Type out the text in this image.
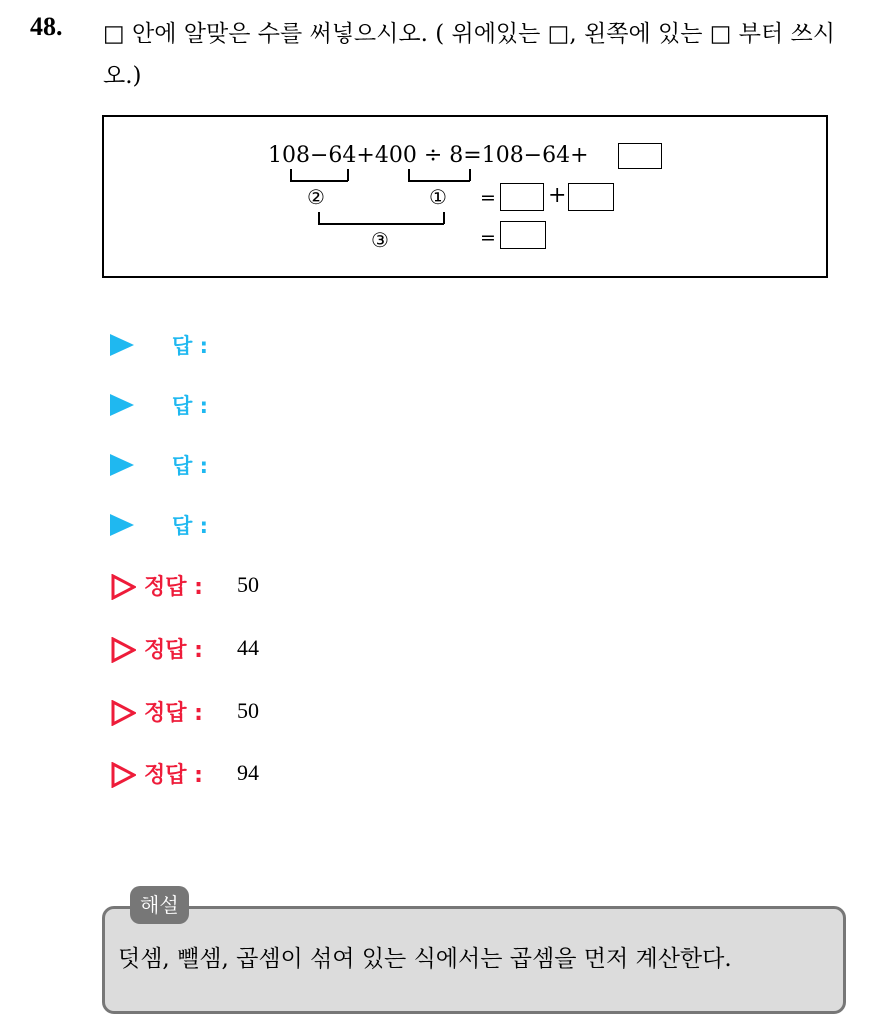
48. □ 안에 알맞은 수를 써넣으시오. ( 위에있는 □, 왼쪽에 있는 □ 부터 쓰시오.)
108−64+400 ÷ 8=108−64+
②	① = +
③	=
답 :
답 :
답 :
답 :
정답 : 50
정답 : 44
정답 : 50
정답 : 94
해설
덧셈, 뺄셈, 곱셈이 섞여 있는 식에서는 곱셈을 먼저 계산한다.
